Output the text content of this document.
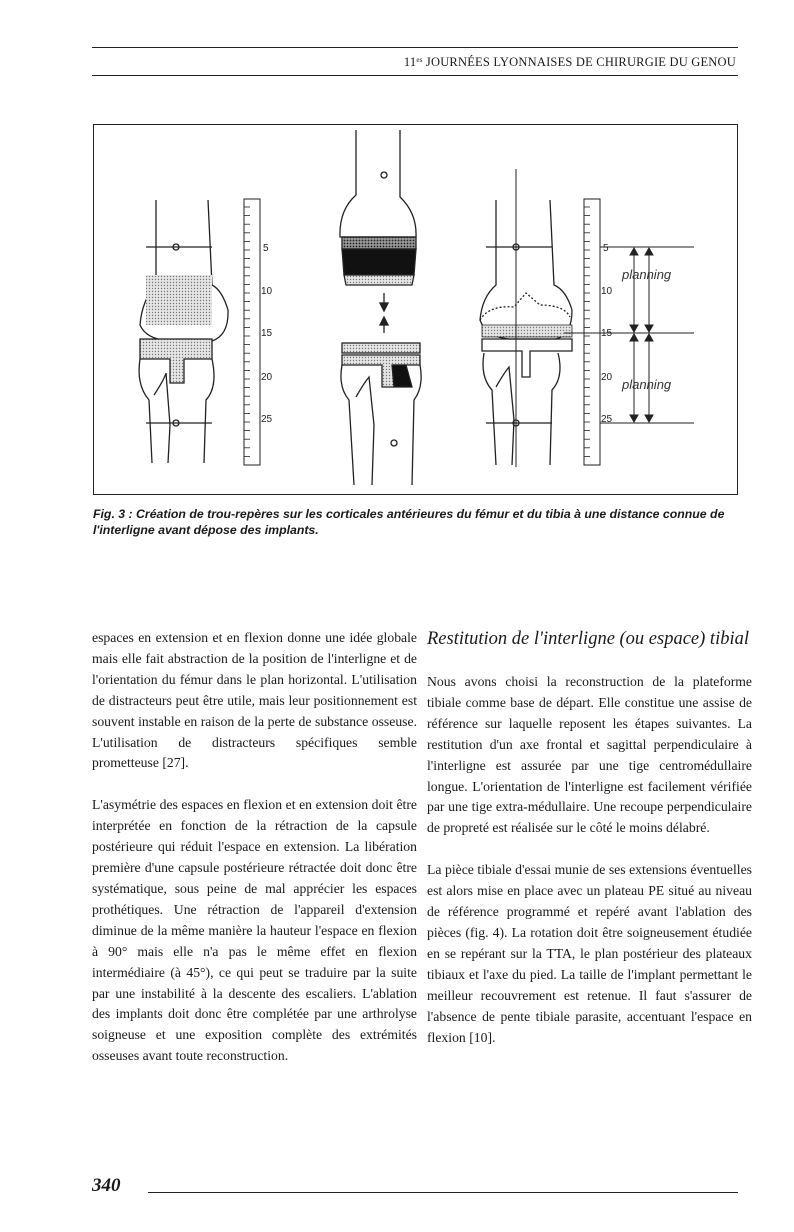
$11^{es}$ JOURNÉES LYONNAISES DE CHIRURGIE DU GENOU
planning
planning
5
10
15
20
25
5
10
15
20
25
Fig. 3 : Création de trou-repères sur les corticales antérieures du fémur et du tibia à une distance connue de l'interligne avant dépose des implants.

espaces en extension et en flexion donne une idée globale mais elle fait abstraction de la position de l'interligne et de l'orientation du fémur dans le plan horizontal. L'utilisation de distracteurs peut être utile, mais leur positionnement est souvent instable en raison de la perte de substance osseuse. L'utilisation de distracteurs spécifiques semble prometteuse [27].

L'asymétrie des espaces en flexion et en extension doit être interprétée en fonction de la rétraction de la capsule postérieure qui réduit l'espace en extension. La libération première d'une capsule postérieure rétractée doit donc être systématique, sous peine de mal apprécier les espaces prothétiques. Une rétraction de l'appareil d'extension diminue de la même manière la hauteur l'espace en flexion à 90° mais elle n'a pas le même effet en flexion intermédiaire (à 45°), ce qui peut se traduire par la suite par une instabilité à la descente des escaliers. L'ablation des implants doit donc être complétée par une arthrolyse soigneuse et une exposition complète des extrémités osseuses avant toute reconstruction.

Restitution de l'interligne (ou espace) tibial

Nous avons choisi la reconstruction de la plateforme tibiale comme base de départ. Elle constitue une assise de référence sur laquelle reposent les étapes suivantes. La restitution d'un axe frontal et sagittal perpendiculaire à l'interligne est assurée par une tige centromédullaire longue. L'orientation de l'interligne est facilement vérifiée par une tige extra-médullaire. Une recoupe perpendiculaire de propreté est réalisée sur le côté le moins délabré.

La pièce tibiale d'essai munie de ses extensions éventuelles est alors mise en place avec un plateau PE situé au niveau de référence programmé et repéré avant l'ablation des pièces (fig. 4). La rotation doit être soigneusement étudiée en se repérant sur la TTA, le plan postérieur des plateaux tibiaux et l'axe du pied. La taille de l'implant permettant le meilleur recouvrement est retenue. Il faut s'assurer de l'absence de pente tibiale parasite, accentuant l'espace en flexion [10].

340
